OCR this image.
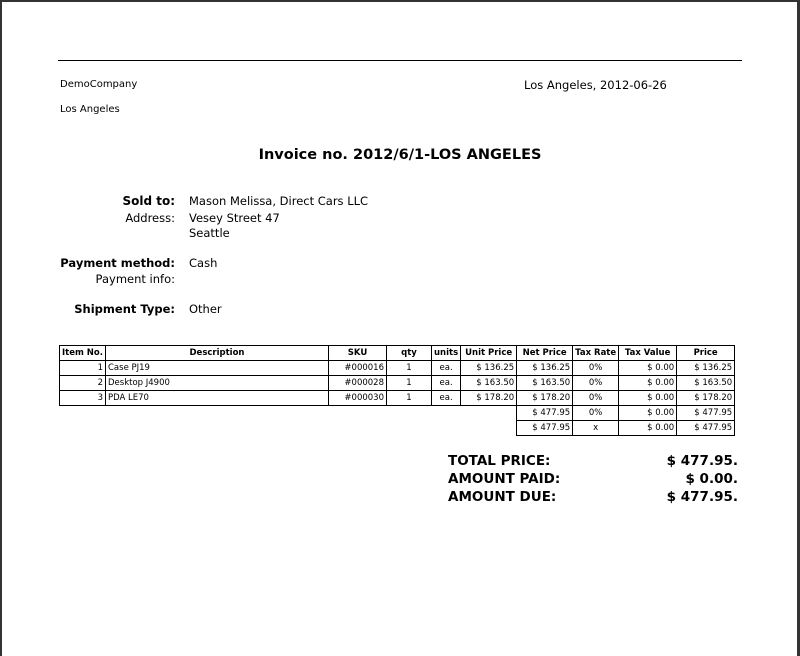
DemoCompany
Los Angeles
Los Angeles, 2012-06-26
Invoice no. 2012/6/1-LOS ANGELES
Sold to: Mason Melissa, Direct Cars LLC
Address: Vesey Street 47
Seattle
Payment method: Cash
Payment info:
Shipment Type: Other
Item No.	Description	SKU	qty	units	Unit Price	Net Price	Tax Rate	Tax Value	Price
1	Case PJ19	#000016	1	ea.	$ 136.25	$ 136.25	0%	$ 0.00	$ 136.25
2	Desktop J4900	#000028	1	ea.	$ 163.50	$ 163.50	0%	$ 0.00	$ 163.50
3	PDA LE70	#000030	1	ea.	$ 178.20	$ 178.20	0%	$ 0.00	$ 178.20
						$ 477.95	0%	$ 0.00	$ 477.95
						$ 477.95	x	$ 0.00	$ 477.95
TOTAL PRICE:	$ 477.95.
AMOUNT PAID:	$ 0.00.
AMOUNT DUE:	$ 477.95.
